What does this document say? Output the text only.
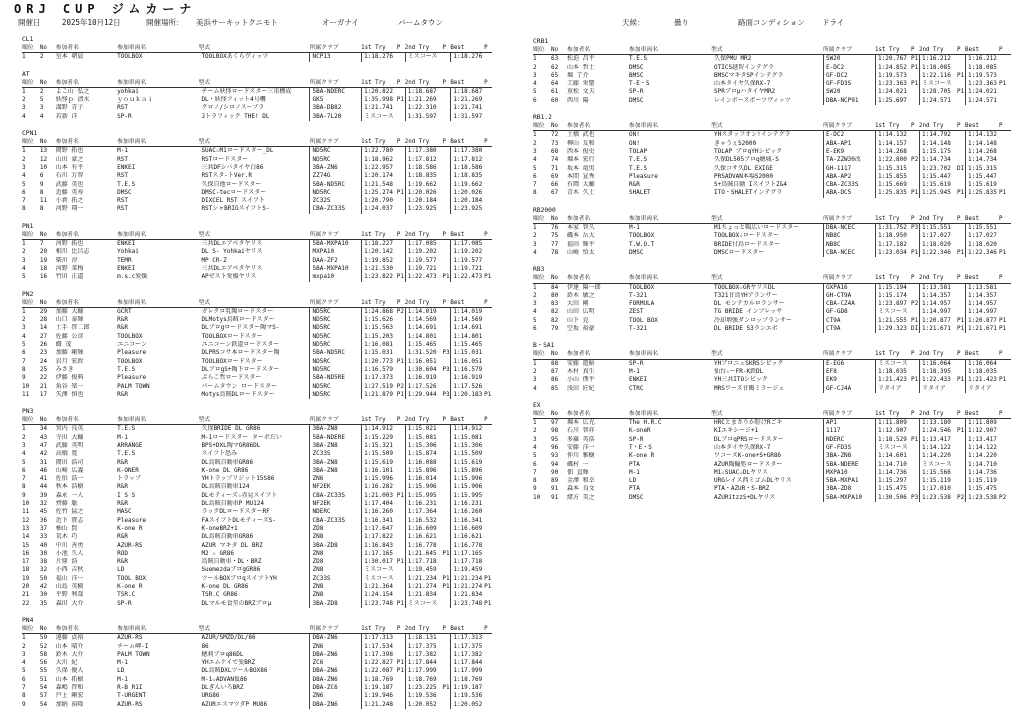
ORJ CUP ジムカーナ
開催日	2025年10月12日	開催場所： 美浜サーキットクニモト	オーガナイ	パームタウン	天候：	曇り	路面コンディション ドライ
CL1
順位	No	参加者名	参加車両名	型式	所属クラブ	1st Try	P 2nd Try	P Best	P
1	2	室本 朝晨	TOOLBOX	TOOLBOXあくらヴィッツ	NCP13	1:18.276	ミスコース	1:18.276
AT
順位	No	参加者名	参加車両名	型式	所属クラブ	1st Try	P 2nd Try	P Best	P
1	2	よこ山 弘之	yohkai	チーム妖怪ロードスター三重構成	5BA-NDERC	1:20.822	1:18.687	1:18.687
2	5	妖怪ｐ 清水	ｙｏｕｋａｉ	DL・妖怪フィット4号機	GK5	1:35.998 P1 1:21.269	1:21.269
3	3	溝野 青子	RST	クロノ/シロノスープラ	3BA-DB82	1:21.741	1:22.310	1:21.741
4	4	若新 洋	SP-R	Jトラフィック THE! DL	3BA-7L20	ミスコース	1:31.597	1:31.597
CPN1
順位	No	参加者名	参加車両名	型式	所属クラブ	1st Try	P 2nd Try	P Best	P
1	13	岡野 拓也	M-1	SUAC☆M1ロードスター_DL	ND5RC	1:22.780	1:17.380	1:17.380
2	12	山田 豪之	RST	RSTロードスター	ND5RC	1:18.962	1:17.812	1:17.812
3	10	山本 有平	ENKEI	三共DFシバタイヤ白86	3BA-ZN6	1:22.957	1:18.586	1:18.586
4	6	石川 万智	RST	RSTスタ-トVer.R	ZZ74G	1:20.174	1:18.835	1:18.835
5	9	武藤 英也	T.E.S	久保自他ロードスター	5BA-ND5RC	1:21.548	1:19.662	1:19.662
6	8	近藤 英寿	DMSC	DMSC-tecロードスター	ND5RC	1:25.274 P1 1:20.026	1:20.026
7	11	小倉 拓之	RST	DIXCEL RST スイフト	ZC32S	1:20.790	1:20.184	1:20.184
8	8	河野 翔一	RST	RSTシャBRIGスイフトS-	CBA-ZC33S	1:24.037	1:23.925	1:23.925
PN1
順位	No	参加者名	参加車両名	型式	所属クラブ	1st Try	P 2nd Try	P Best	P
1	7	河野 拓也	ENKEI	三共DLエアペタヤリス	5BA-MXPA10	1:18.227	1:17.085	1:17.085
2	20	相川 比呂志	Yohkai	DL S- Yohkaiヤリス	MXPA10	1:20.142	1:19.202	1:19.202
3	19	柴川 淳	TEMR	MP CR-Z	DAA-ZF2	1:19.852	1:19.577	1:19.577
4	18	河野 菜梅	ENKEI	三共DLエアペタヤリス	5BA-MXPA10	1:21.530	1:19.721	1:19.721
5	16	竹田 正道	m.s.c愛媛	APゼスト愛媛ヤリス	mxpa10	1:23.822 P1 1:22.473 P1 1:22.473 P1
PN2
順位	No	参加者名	参加車両名	型式	所属クラブ	1st Try	P 2nd Try	P Best	P
1	29	加藤 大輔	GCRT	ガレクロ乳陶ロードスター	ND5RC	1:24.868 P2 1:14.019	1:14.019
2	28	山口 泰輝	R&R	DLMotys烏賊ロードスター	ND5RC	1:15.626	1:14.569	1:14.569
3	14	土手 啓二郎	R&R	DLブロgロードスター陶マS-	ND5RC	1:15.563	1:14.691	1:14.691
4	27	佐藤 公彦	TOOLBOX	TOOLBOXロードスター	ND5RC	1:15.203	1:14.801	1:14.801
5	26	綴 茂	ユニコーン	ユニコーン鉄道ロードスター	ND5RC	1:16.081	1:15.465	1:15.465
6	23	加藤 剛輝	Pleasure	DLPRSコサ本ロードスター陶	5BA-ND5RC	1:15.031	1:31.520 P3 1:15.031
7	24	岩月 宏政	TOOLBOX	TOOLBOXロードスター	ND5RC	1:20.773 P1 1:16.051	1:16.051
8	25	みさき	T.E.S	DLブロgS+陶下ロードスター	ND5RC	1:16.579	1:30.604 P3 1:16.579
9	22	伊藤 俊典	Pleasure	ぷらこ哲ロードスター	5BA-ND5RE	1:17.373	1:16.919	1:16.919
10	21	角谷 楽一	PALM TOWN	パームタウン ロードスター	ND5RC	1:27.519 P2 1:17.526	1:17.526
11	17	矢澤 慎也	R&R	Motys烏賊DLロードスター	ND5RC	1:21.879 P1 1:29.944 P3 1:20.183 P1
PN3
順位	No	参加者名	参加車両名	型式	所属クラブ	1st Try	P 2nd Try	P Best	P
1	34	宮内 良英	T.E.S	久保BRIDE DL GR86	3BA-ZN8	1:14.912	1:15.021	1:14.912
2	43	寺田 大輔	M-1	M-1ロードスター ターボだい	5BA-NDERE	1:15.229	1:15.081	1:15.081
3	47	武藤 英明	ARRANGE	BPS+DXL陶マGR86DL	3BA-ZN8	1:15.321	1:15.306	1:15.306
4	42	高橋 寛	T.E.S	スイフト恐み	ZC33S	1:15.509	1:15.874	1:15.509
5	31	岡田 浩司	R&R	DL烏賊自動車GR86	3BA-ZN8	1:15.619	1:16.088	1:15.619
6	46	山崎 広義	K-ONER	K-one DL GR86	3BA-ZN8	1:16.101	1:15.896	1:15.896
7	41	佐伯 浩一	トラップ	YHトラップリジット15S86	ZN6	1:15.996	1:16.014	1:15.996
8	44	秋本 浩樹	R&R	DL烏賊自動車124	NF2EK	1:16.282	1:15.906	1:15.906
9	39	森永 一人	I S S	DLモティーズ☆赤見スイフト	CBA-ZC33S	1:21.003 P1 1:15.995	1:15.995
10	32	齊藤 聡	R&R	DL烏賊自動車P MU124	NF2EK	1:17.404	1:16.231	1:16.231
11	45	佐竹 猛之	MASC	ラックDLロードスターRF	NDERC	1:16.260	1:17.364	1:16.260
12	36	近下 貴志	Pleasure	FAスイフトDLモティーズS-	CBA-ZC33S	1:16.341	1:16.532	1:16.341
13	37	柚山 賢	K-one R	K-oneBRZ+1	ZD8	1:17.647	1:16.609	1:16.609
14	33	荒木 巧	R&R	DL烏賊自動車GR86	ZN8	1:17.822	1:16.621	1:16.621
15	40	中川 善勇	AZUR-RS	AZUR マキタ DL BRZ	3BA-ZD8	1:16.843	1:16.778	1:16.778
16	30	小池 久人	ROD	M2 ☆ GR86	ZN8	1:17.165	1:21.645 P1 1:17.165
17	38	片原 浩	R&R	鳥賊自動車・DL・BRZ	ZD8	1:30.017 P1 1:17.718	1:17.718
18	32	小西 吉秋	LD	SuemezdaブロgGR86	ZN8	ミスコース	1:19.459	1:19.459
19	50	福山 洋一	TOOL BOX	ツールBOXブロqスイフトYH	ZC33S	ミスコース	1:21.234 P1 1:21.234 P1
20	42	山島 英樹	K-one R	K-one DL GR86	ZN8	1:21.364	1:21.274 P1 1:21.274 P1
21	30	平野 利哉	TSR.C	TSR.C GR86	ZN8	1:24.154	1:21.834	1:21.834
22	35	森田 大介	SP-R	DLマルモ食堂のBRZブロμ	3BA-ZD8	1:23.748 P1 ミスコース	1:23.748 P1
PN4
順位	No	参加者名	参加車両名	型式	所属クラブ	1st Try	P 2nd Try	P Best	P
1	59	遠藤 貞裕	AZUR-RS	AZUR/SMZD/DL/86	DBA-ZN6	1:17.313	1:18.131	1:17.313
2	52	山本 晴介	チーム岬-I	86	ZN6	1:17.534	1:17.375	1:17.375
3	58	鈴木 大介	PALM TOWN	穂莉ブロq86DL	DBA-ZN6	1:17.398	1:17.382	1:17.382
4	56	大川 紀	M-1	YHエムケイで愛BRZ	ZC6	1:22.827 P1 1:17.844	1:17.844
5	55	久保 優人	LD	DL烏賊DXLツールBOX86	DBA-ZN6	1:22.087 P1 1:17.999	1:17.999
6	51	山本 拓樹	M-1	M-1☆ADVAN仮86	DBA-ZN6	1:18.769	1:18.769	1:18.769
7	54	森嶋 啓和	R-B R1I	DLぎんいろBRZ	DBA-ZC6	1:19.187	1:23.225 P1 1:19.187
8	57	戸上 剛宏	T-URGENT	URG86	ZN6	1:19.946	1:19.536	1:19.536
9	54	加納 裕隆	AZUR-RS	AZURエスマツダP MU86	DBA-ZN6	1:21.248	1:20.052	1:20.052
CRB1
順位	No	参加者名	参加車両名	型式	所属クラブ	1st Try	P 2nd Try	P Best	P
1	63	松迫 昌平	T.E.S	久保PMU MR2	SW20	1:20.767 P1 1:16.212	1:16.212
2	62	山本 哲士	DMSC	OTICS越智インテグラ	E-DC2	1:24.852 P1 1:18.085	1:18.085
3	65	堀 了介	BMSC	BMSCマキタSPインテグラ	GF-DC2	1:19.573	1:22.116	P1 1:19.573
4	64	工藤 栄聖	T-E・S	山本タイヤ久保RX-7	GF-FD3S	1:23.363 P1 ミスコース	1:23.363 P1
5	61	重松 文夫	SP-R	SPRブロμハタイヤMR2	SW20	1:24.021	1:28.705	P1 1:24.021
6	60	西川 陽	DMSC	レインボースポーツヴィッツ	DBA-NCP91	1:25.697	1:24.571	1:24.571
RB1.2
順位	No	参加者名	参加車両名	型式	所属クラブ	1st Try	P 2nd Try	P Best	P
1	72	土橋 武也	ON!	YHスタッフオン!インテグラ	E-DC2	1:14.132	1:14.792	1:14.132
2	73	柳山 友和	ON!	きゃうぇS2000	ABA-AP1	1:14.157	1:14.148	1:14.148
3	68	西本 俊史	TOLAP	TOLAP ブロqYHシビック	E-EK9	1:14.268	1:15.175	1:14.268
4	74	堀本 宏行	T.E.S	久保DL505ブロq穂城-S	TA-ZZW30改	1:22.800 P2 1:14.734	1:14.734
5	71	坂本 竜男	T.E.S	久保コサ久DL EXIGE	GH-1117	1:15.315	1:23.702	DI 1:15.315
6	69	本間 宣秀	Pleasure	PRSADVAN本場S2000	ABA-AP2	1:15.855	1:15.447	1:15.447
7	66	有岡 大輔	R&R	S+鳥賊自動 IスイフトZ&4	CBA-ZC33S	1:15.669	1:15.619	1:15.619
8	67	青木 久士	SHALET	ITO・SHALETインテグラ	ABA-DC5	1:25.835 P1 1:25.945	P1 1:25.835 P1
RB2000
順位	No	参加者名	参加車両名	型式	所属クラブ	1st Try	P 2nd Try	P Best	P
1	76	本家 智久	M-1	M1ちょっと幅広いロードスター	DBA-NCEC	1:31.752 P3 1:15.551	1:15.551
2	75	磯本 岳大	TOOLBOX	TOOLBOX☆ロードスター	NB8C	1:18.950	1:17.027	1:17.027
3	77	福田 輝平	T.W.O.T	BRIDE甘鳥ロードスター	NB8C	1:17.182	1:18.020	1:18.020
4	78	山崎 悟太	DMSC	DMSCロードスター	CBA-NCEC	1:23.034 P1 1:22.346	P1 1:22.346 P1
RB3
順位	No	参加者名	参加車両名	型式	所属クラブ	1st Try	P 2nd Try	P Best	P
1	84	伊達 陽一郎	TOOLBOX	TOOLBOX☆GRヤリスDL	GXPA16	1:15.194	1:13.581	1:13.581
2	80	鈴木 敏之	T-321	T321甘鳥YHアランサー	GH-CT9A	1:15.174	1:14.357	1:14.357
3	83	大田 剛	FORMULA	DL モンテカルロランサー	CBA-CZ4A	1:23.897 P2 1:14.957	1:14.957
4	82	山田 広明	ZEST	TG BRIDE インプレッサ	GF-GD8	ミスコース	1:14.997	1:14.997
5	82	山下 克	TOOL BOX	冷却増強ダンロップランサー	CT9A	1:21.555 P1 1:20.877	P1 1:20.877 P1
6	79	空坂 裕豪	T-321	DL BRIDE S3ランエボ	CT9A	1:29.323 DI 1:21.671	P1 1:21.671 P1
B・SA1
順位	No	参加者名	参加車両名	型式	所属クラブ	1st Try	P 2nd Try	P Best	P
1	88	安藤 遊暗	SP-R	YHブロニュSKRSシビック	E-EG6	ミスコース	1:16.064	1:16.064
2	87	木村 真生	M-1	仙台☆ーFR-K鉄DL	EF8	1:18.035	1:18.395	1:18.035
3	86	小山 僕平	ENKEI	YH三共ITOシビック	EK9	1:21.423 P1 1:22.433	P1 1:21.423 P1
4	85	浅田 匠紀	CTRC	MRSワーズ甘鶴ミラージュ	GF-CJ4A	リタイア	リタイア	リタイア
EX
順位	No	参加者名	参加車両名	型式	所属クラブ	1st Try	P 2nd Try	P Best	P
1	97	堀本 広光	The H.R.C	HRCとまさりか駐けRごキ	AP1	1:11.809	1:13.180	1:11.809
2	98	石川 智祥	K-oneR	KIエキシージ+1	1117	1:12.907	1:24.546	P1 1:12.907
3	95	多羅 英浩	SP-R	DLブロqPRSロードスター	NDERC	1:18.529 P1 1:13.417	1:13.417
4	96	安藤 洋一	T・E・S	山本タイヤ久保RX-7	GF-FD3S	ミスコース	1:14.122	1:14.122
5	93	仲川 雅樹	K-one R	ワコーズK-one+S+GR86	3BA-ZN8	1:14.601	1:14.220	1:14.220
6	94	磯村 一	PTA	AZUR陶輸処ロードスター	5BA-NDERE	1:14.710	ミスコース	1:14.710
7	90	佃 直輝	M-1	M1☆SUAC☆DLヤリス	MXPA10	1:14.736	1:15.566	1:14.736
8	89	金澤 和幸	LD	URGレイス西ミゴムDLヤリス	5BA-MXPA1	1:15.297	1:15.119	1:15.119
9	91	森本 良文	PTA	PTA・AZUR・S-BRZ	3BA-ZD8	1:15.475	1:17.010	1:15.475
10	91	緒方 美之	DMSC	AZURitzzS+DLヤリス	5BA-MXPA10	1:30.506 P3 1:23.538	P2 1:23.538 P2
